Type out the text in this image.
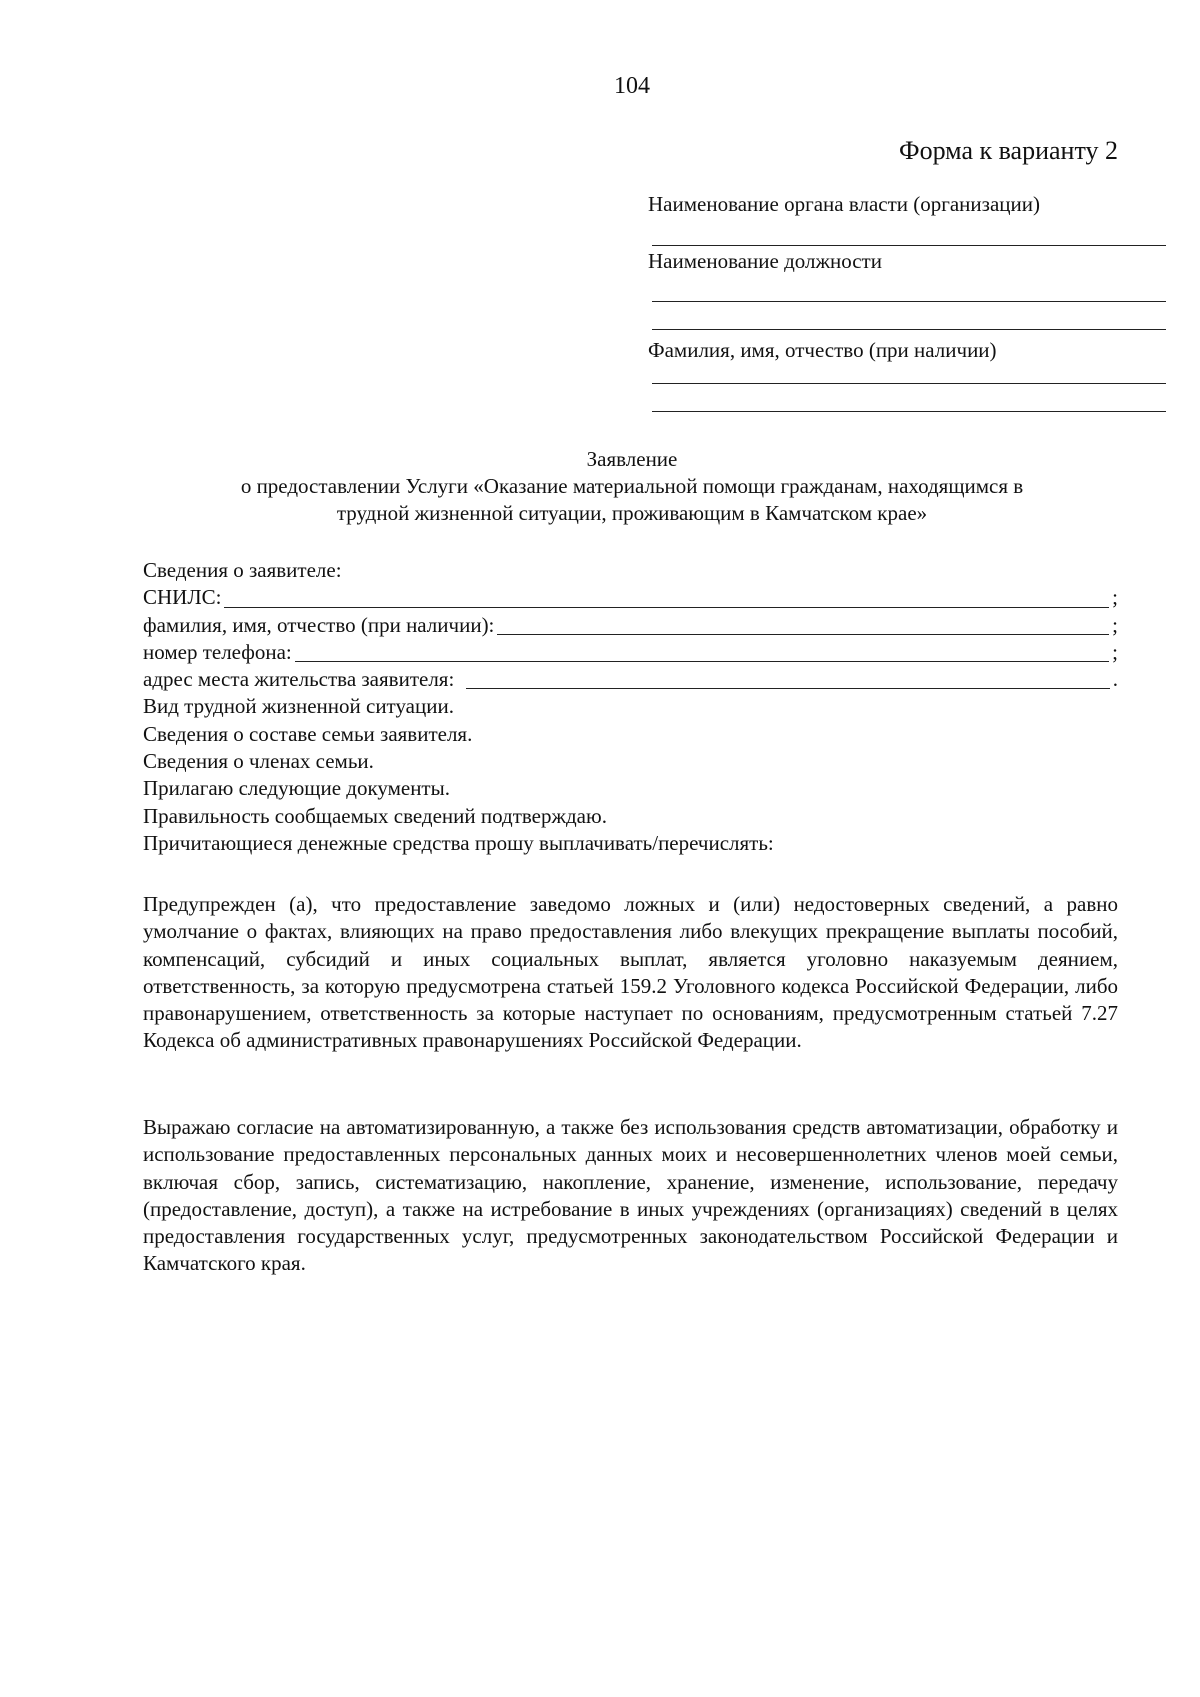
104
Форма к варианту 2
Наименование органа власти (организации)
Наименование должности
Фамилия, имя, отчество (при наличии)
Заявление
о предоставлении Услуги «Оказание материальной помощи гражданам, находящимся в
трудной жизненной ситуации, проживающим в Камчатском крае»
Сведения о заявителе:
СНИЛС:	;
фамилия, имя, отчество (при наличии):	;
номер телефона:	;
адрес места жительства заявителя:	.
Вид трудной жизненной ситуации.
Сведения о составе семьи заявителя.
Сведения о членах семьи.
Прилагаю следующие документы.
Правильность сообщаемых сведений подтверждаю.
Причитающиеся денежные средства прошу выплачивать/перечислять:
Предупрежден (а), что предоставление заведомо ложных и (или) недостоверных сведений, а равно умолчание о фактах, влияющих на право предоставления либо влекущих прекращение выплаты пособий, компенсаций, субсидий и иных социальных выплат, является уголовно наказуемым деянием, ответственность, за которую предусмотрена статьей 159.2 Уголовного кодекса Российской Федерации, либо правонарушением, ответственность за которые наступает по основаниям, предусмотренным статьей 7.27 Кодекса об административных правонарушениях Российской Федерации.
Выражаю согласие на автоматизированную, а также без использования средств автоматизации, обработку и использование предоставленных персональных данных моих и несовершеннолетних членов моей семьи, включая сбор, запись, систематизацию, накопление, хранение, изменение, использование, передачу (предоставление, доступ), а также на истребование в иных учреждениях (организациях) сведений в целях предоставления государственных услуг, предусмотренных законодательством Российской Федерации и Камчатского края.
